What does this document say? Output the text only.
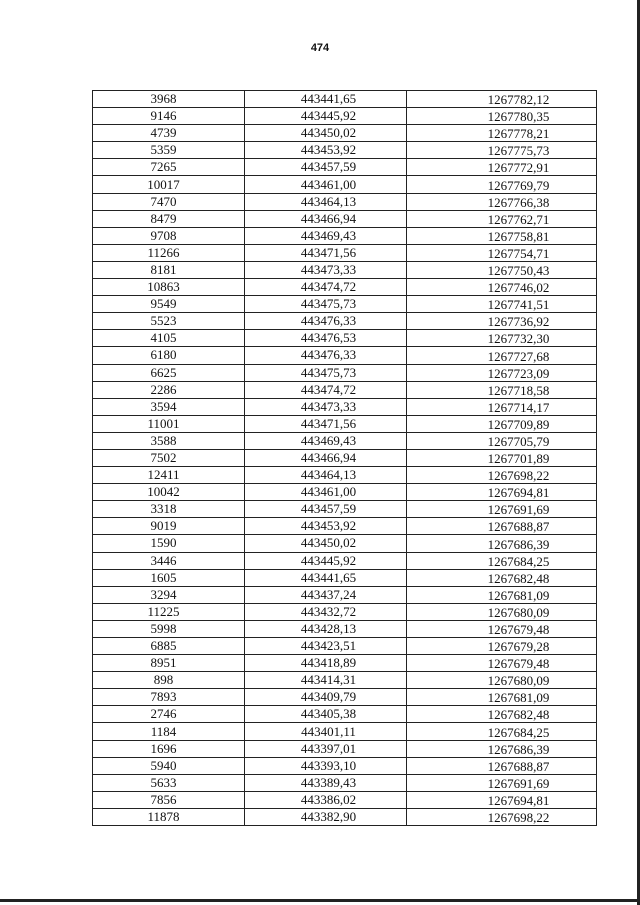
474
3968	443441,65	1267782,12
9146	443445,92	1267780,35
4739	443450,02	1267778,21
5359	443453,92	1267775,73
7265	443457,59	1267772,91
10017	443461,00	1267769,79
7470	443464,13	1267766,38
8479	443466,94	1267762,71
9708	443469,43	1267758,81
11266	443471,56	1267754,71
8181	443473,33	1267750,43
10863	443474,72	1267746,02
9549	443475,73	1267741,51
5523	443476,33	1267736,92
4105	443476,53	1267732,30
6180	443476,33	1267727,68
6625	443475,73	1267723,09
2286	443474,72	1267718,58
3594	443473,33	1267714,17
11001	443471,56	1267709,89
3588	443469,43	1267705,79
7502	443466,94	1267701,89
12411	443464,13	1267698,22
10042	443461,00	1267694,81
3318	443457,59	1267691,69
9019	443453,92	1267688,87
1590	443450,02	1267686,39
3446	443445,92	1267684,25
1605	443441,65	1267682,48
3294	443437,24	1267681,09
11225	443432,72	1267680,09
5998	443428,13	1267679,48
6885	443423,51	1267679,28
8951	443418,89	1267679,48
898	443414,31	1267680,09
7893	443409,79	1267681,09
2746	443405,38	1267682,48
1184	443401,11	1267684,25
1696	443397,01	1267686,39
5940	443393,10	1267688,87
5633	443389,43	1267691,69
7856	443386,02	1267694,81
11878	443382,90	1267698,22
